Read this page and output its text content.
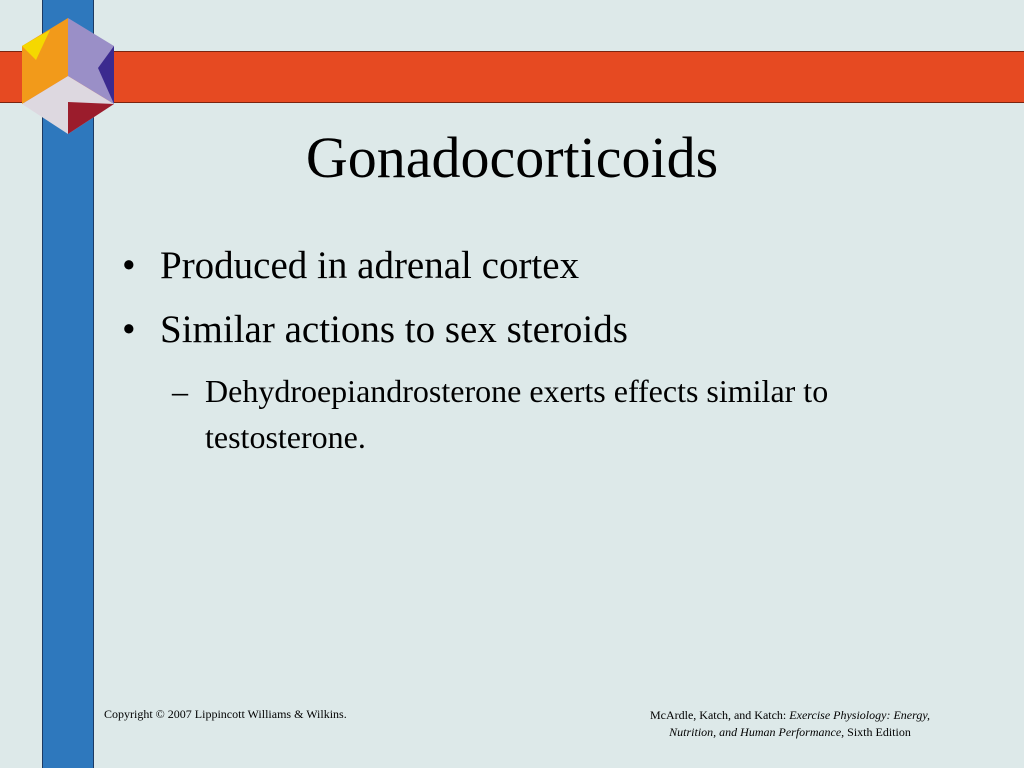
Gonadocorticoids
• Produced in adrenal cortex
• Similar actions to sex steroids
– Dehydroepiandrosterone exerts effects similar to testosterone.
Copyright © 2007 Lippincott Williams & Wilkins.	McArdle, Katch, and Katch: Exercise Physiology: Energy,
Nutrition, and Human Performance, Sixth Edition
